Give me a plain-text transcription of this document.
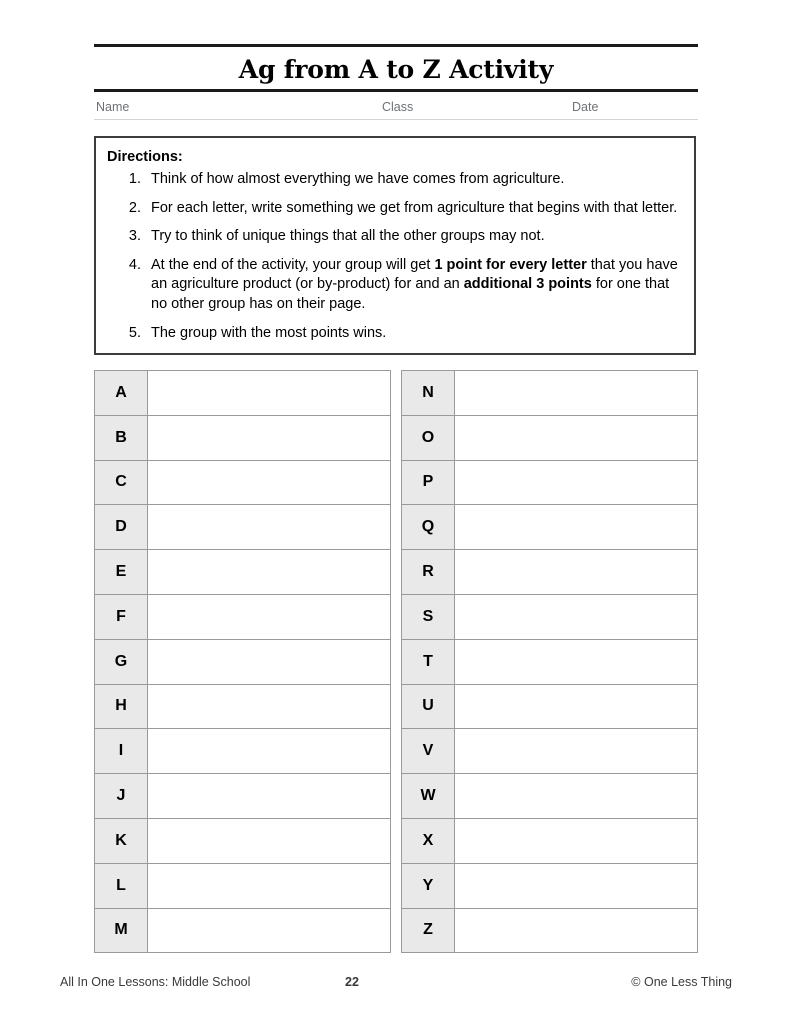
Ag from A to Z Activity
Name	Class	Date
Directions:
1. Think of how almost everything we have comes from agriculture.
2. For each letter, write something we get from agriculture that begins with that letter.
3. Try to think of unique things that all the other groups may not.
4. At the end of the activity, your group will get 1 point for every letter that you have an agriculture product (or by-product) for and an additional 3 points for one that no other group has on their page.
5. The group with the most points wins.
A	
B	
C	
D	
E	
F	
G	
H	
I	
J	
K	
L	
M	
N	
O	
P	
Q	
R	
S	
T	
U	
V	
W	
X	
Y	
Z	
All In One Lessons: Middle School	22	© One Less Thing
